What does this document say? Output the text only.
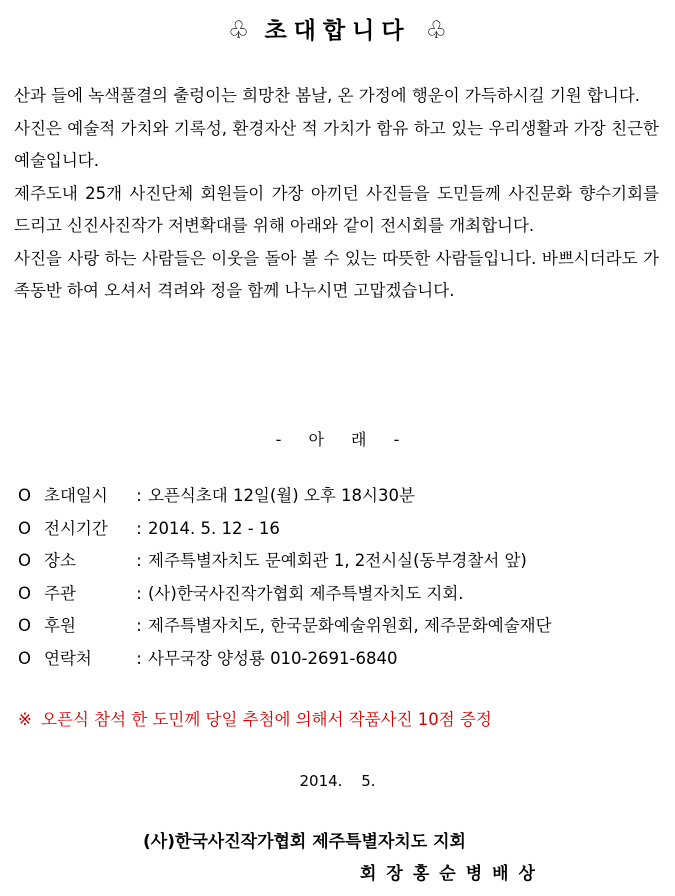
♧ 초대합니다 ♧

산과 들에 녹색풀결의 출렁이는 희망찬 봄날, 온 가정에 행운이 가득하시길 기원 합니다.

사진은 예술적 가치와 기록성, 환경자산 적 가치가 함유 하고 있는 우리생활과 가장 친근한 예술입니다.

제주도내 25개 사진단체 회원들이 가장 아끼던 사진들을 도민들께 사진문화 향수기회를 드리고 신진사진작가 저변확대를 위해 아래와 같이 전시회를 개최합니다.

사진을 사랑 하는 사람들은 이웃을 돌아 볼 수 있는 따뜻한 사람들입니다. 바쁘시더라도 가족동반 하여 오셔서 격려와 정을 함께 나누시면 고맙겠습니다.

- 아 래 -
O 초대일시	: 오픈식초대 12일(월) 오후 18시30분
O 전시기간	: 2014. 5. 12 - 16
O 장소	: 제주특별자치도 문예회관 1, 2전시실(동부경찰서 앞)
O 주관	: (사)한국사진작가협회 제주특별자치도 지회.
O 후원	: 제주특별자치도, 한국문화예술위원회, 제주문화예술재단
O 연락처	: 사무국장 양성룡 010-2691-6840
※ 오픈식 참석 한 도민께 당일 추첨에 의해서 작품사진 10점 증정
2014. 5.
(사)한국사진작가협회 제주특별자치도 지회
회장홍순병배상
